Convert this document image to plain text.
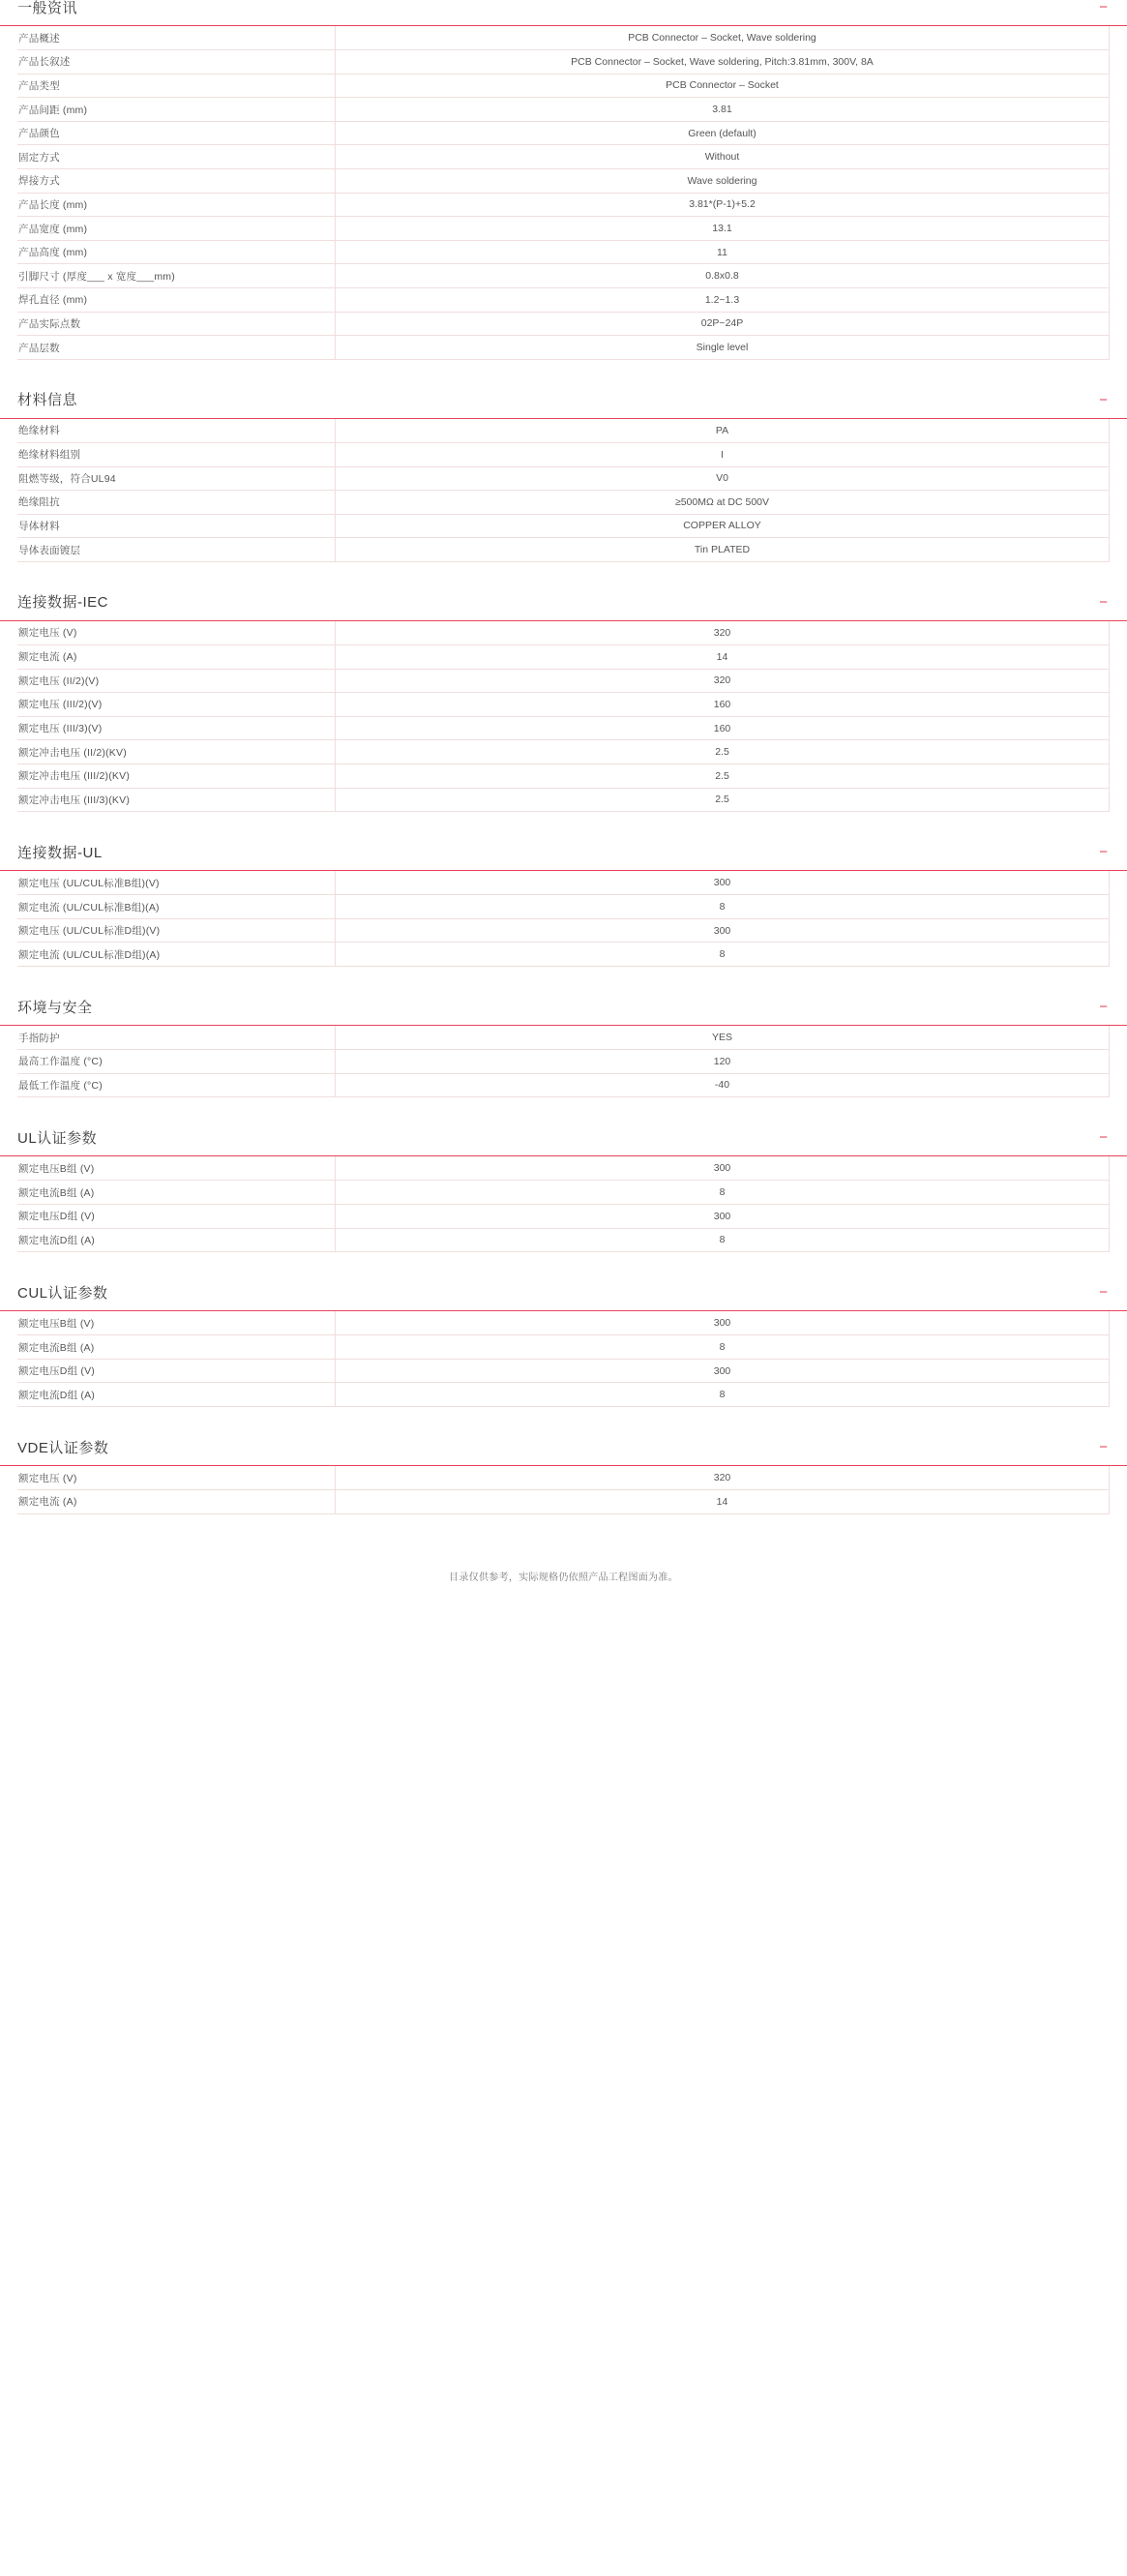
一般资讯	−
产品概述	PCB Connector – Socket, Wave soldering
产品长叙述	PCB Connector – Socket, Wave soldering, Pitch:3.81mm, 300V, 8A
产品类型	PCB Connector – Socket
产品间距 (mm)	3.81
产品颜色	Green (default)
固定方式	Without
焊接方式	Wave soldering
产品长度 (mm)	3.81*(P-1)+5.2
产品宽度 (mm)	13.1
产品高度 (mm)	11
引脚尺寸 (厚度___ x 宽度___mm)	0.8x0.8
焊孔直径 (mm)	1.2~1.3
产品实际点数	02P~24P
产品层数	Single level
材料信息	−
绝缘材料	PA
绝缘材料组别	I
阻燃等级，符合UL94	V0
绝缘阻抗	≥500MΩ at DC 500V
导体材料	COPPER ALLOY
导体表面镀层	Tin PLATED
连接数据-IEC	−
额定电压 (V)	320
额定电流 (A)	14
额定电压 (II/2)(V)	320
额定电压 (III/2)(V)	160
额定电压 (III/3)(V)	160
额定冲击电压 (II/2)(KV)	2.5
额定冲击电压 (III/2)(KV)	2.5
额定冲击电压 (III/3)(KV)	2.5
连接数据-UL	−
额定电压 (UL/CUL标准B组)(V)	300
额定电流 (UL/CUL标准B组)(A)	8
额定电压 (UL/CUL标准D组)(V)	300
额定电流 (UL/CUL标准D组)(A)	8
环境与安全	−
手指防护	YES
最高工作温度 (°C)	120
最低工作温度 (°C)	-40
UL认证参数	−
额定电压B组 (V)	300
额定电流B组 (A)	8
额定电压D组 (V)	300
额定电流D组 (A)	8
CUL认证参数	−
额定电压B组 (V)	300
额定电流B组 (A)	8
额定电压D组 (V)	300
额定电流D组 (A)	8
VDE认证参数	−
额定电压 (V)	320
额定电流 (A)	14
目录仅供参考，实际规格仍依照产品工程图面为准。
